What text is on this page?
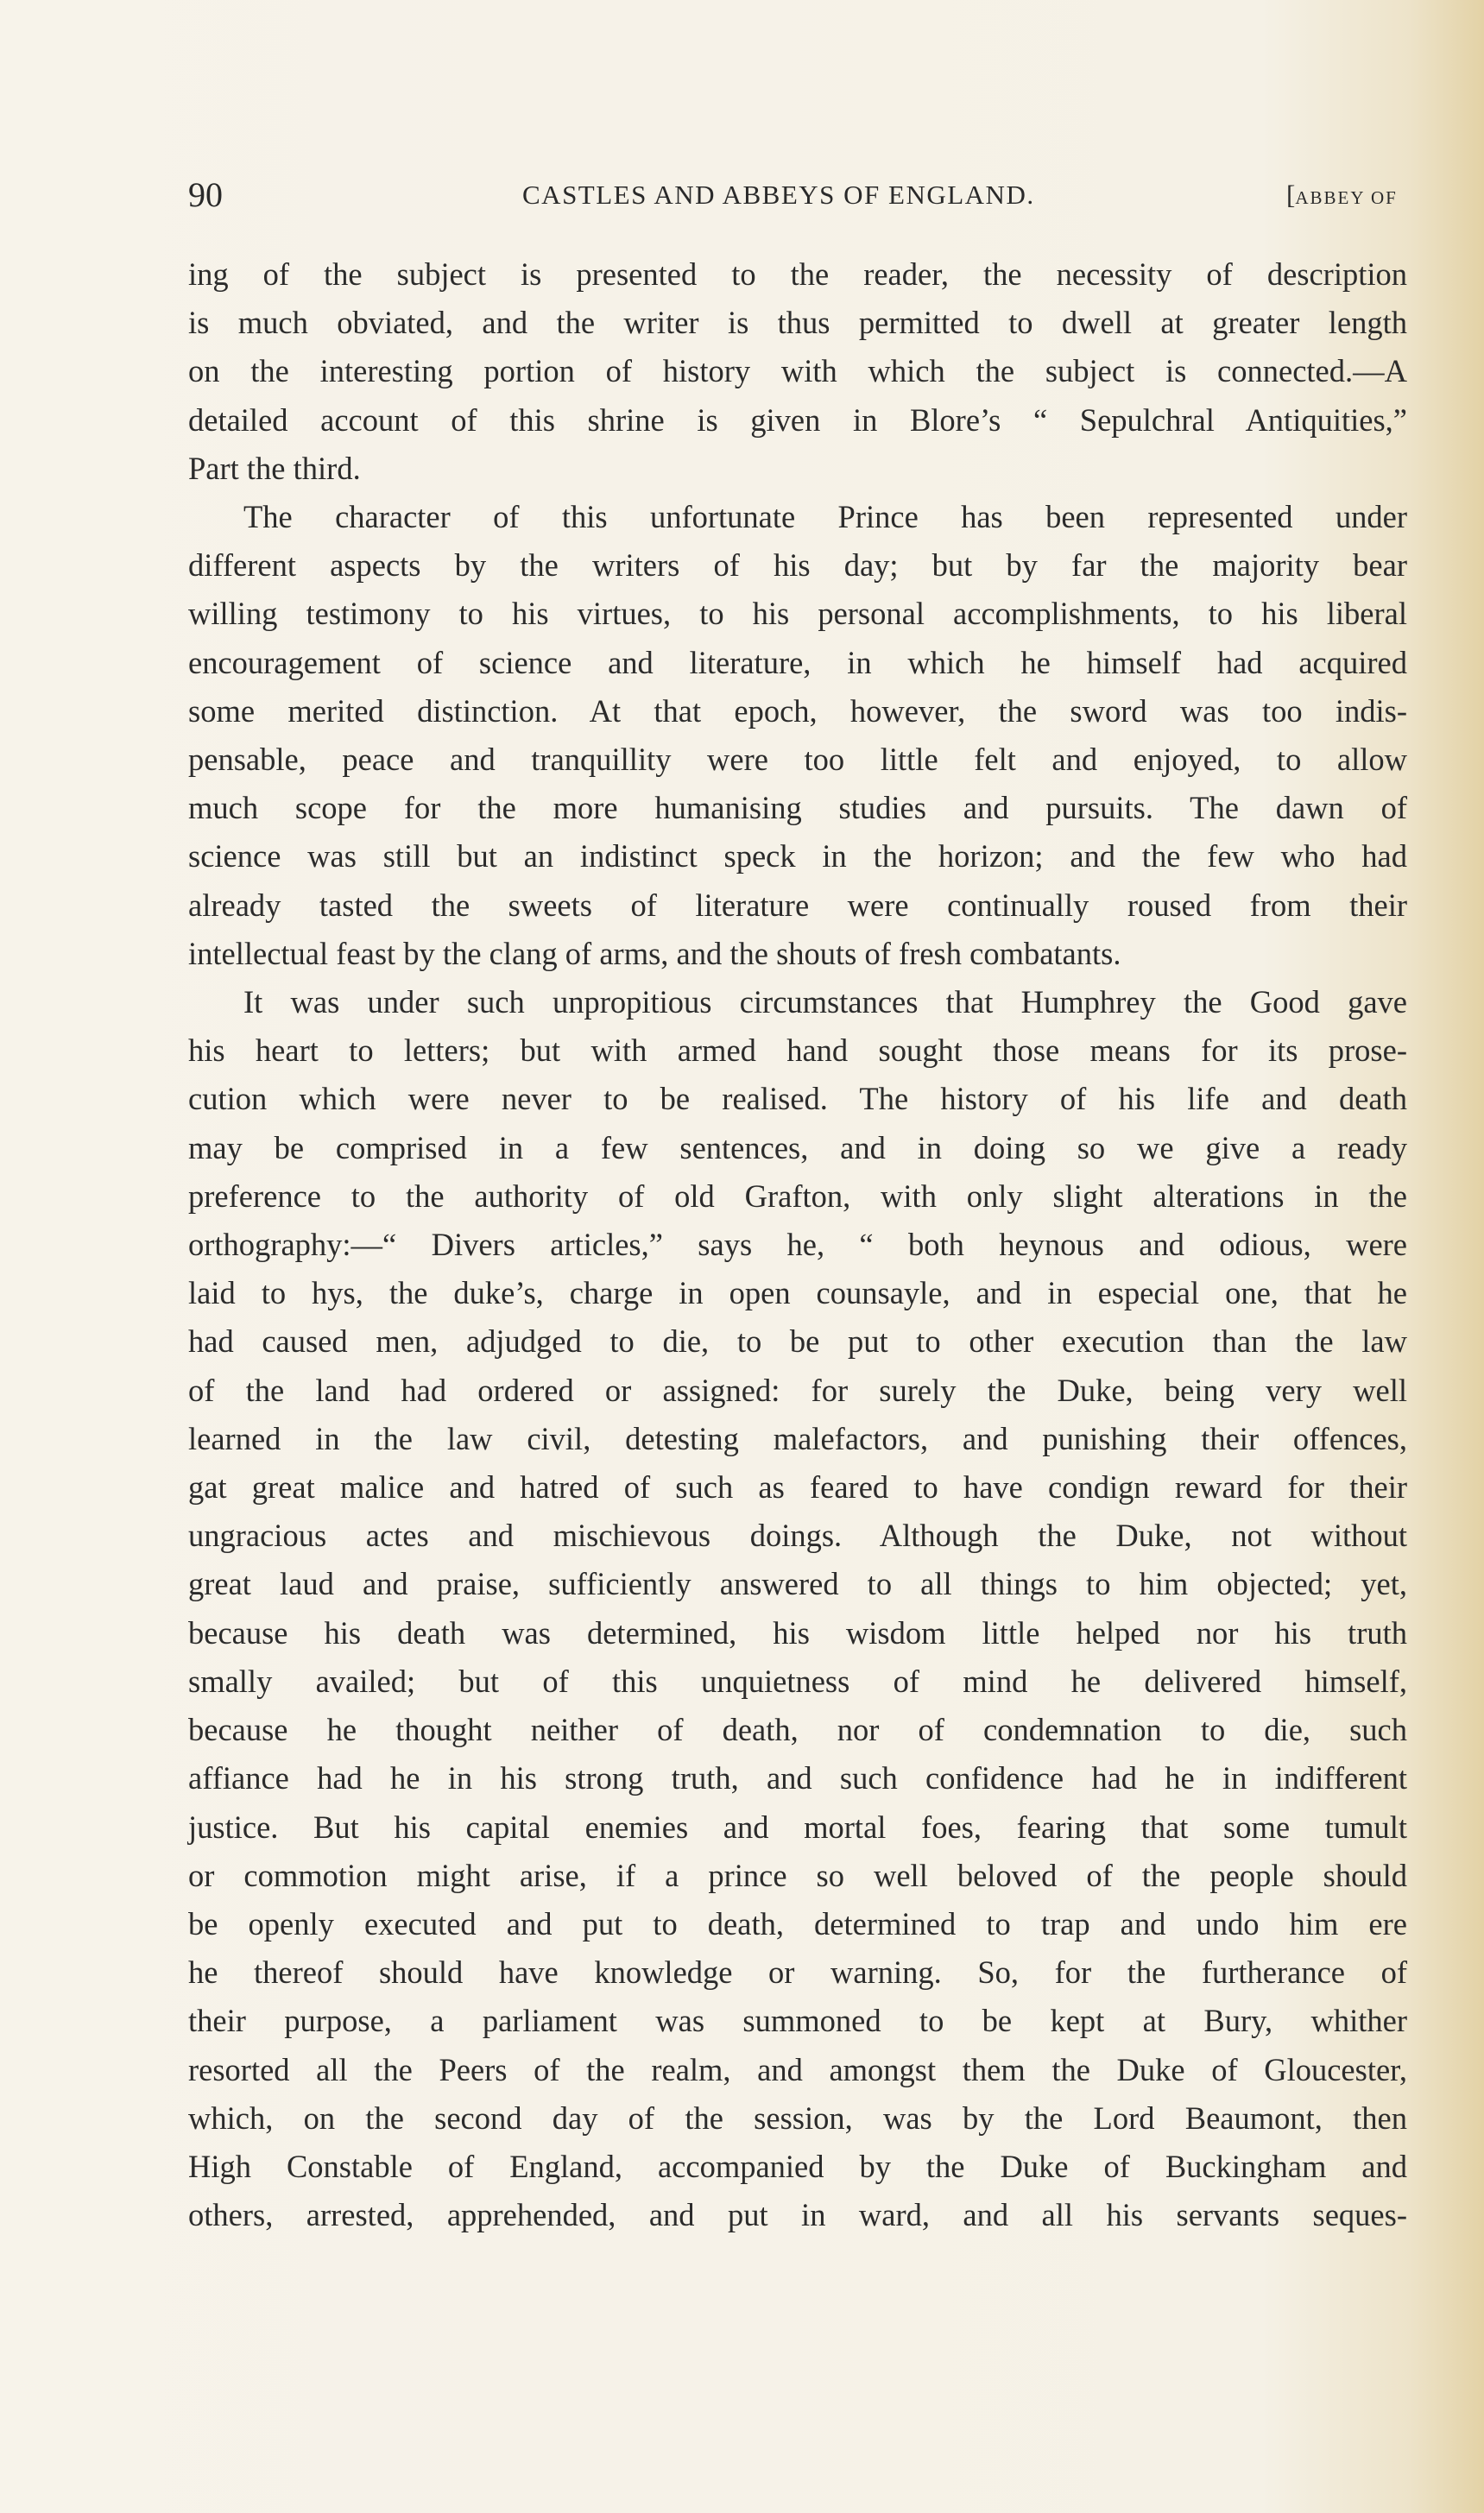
90	CASTLES AND ABBEYS OF ENGLAND.	[ABBEY OF

ing of the subject is presented to the reader, the necessity of description

is much obviated, and the writer is thus permitted to dwell at greater length

on the interesting portion of history with which the subject is connected.—A

detailed account of this shrine is given in Blore’s “ Sepulchral Antiquities,”

Part the third.

The character of this unfortunate Prince has been represented under

different aspects by the writers of his day; but by far the majority bear

willing testimony to his virtues, to his personal accomplishments, to his liberal

encouragement of science and literature, in which he himself had acquired

some merited distinction. At that epoch, however, the sword was too indis-

pensable, peace and tranquillity were too little felt and enjoyed, to allow

much scope for the more humanising studies and pursuits. The dawn of

science was still but an indistinct speck in the horizon; and the few who had

already tasted the sweets of literature were continually roused from their

intellectual feast by the clang of arms, and the shouts of fresh combatants.

It was under such unpropitious circumstances that Humphrey the Good gave

his heart to letters; but with armed hand sought those means for its prose-

cution which were never to be realised. The history of his life and death

may be comprised in a few sentences, and in doing so we give a ready

preference to the authority of old Grafton, with only slight alterations in the

orthography:—“ Divers articles,” says he, “ both heynous and odious, were

laid to hys, the duke’s, charge in open counsayle, and in especial one, that he

had caused men, adjudged to die, to be put to other execution than the law

of the land had ordered or assigned: for surely the Duke, being very well

learned in the law civil, detesting malefactors, and punishing their offences,

gat great malice and hatred of such as feared to have condign reward for their

ungracious actes and mischievous doings. Although the Duke, not without

great laud and praise, sufficiently answered to all things to him objected; yet,

because his death was determined, his wisdom little helped nor his truth

smally availed; but of this unquietness of mind he delivered himself,

because he thought neither of death, nor of condemnation to die, such

affiance had he in his strong truth, and such confidence had he in indifferent

justice. But his capital enemies and mortal foes, fearing that some tumult

or commotion might arise, if a prince so well beloved of the people should

be openly executed and put to death, determined to trap and undo him ere

he thereof should have knowledge or warning. So, for the furtherance of

their purpose, a parliament was summoned to be kept at Bury, whither

resorted all the Peers of the realm, and amongst them the Duke of Gloucester,

which, on the second day of the session, was by the Lord Beaumont, then

High Constable of England, accompanied by the Duke of Buckingham and

others, arrested, apprehended, and put in ward, and all his servants seques-
